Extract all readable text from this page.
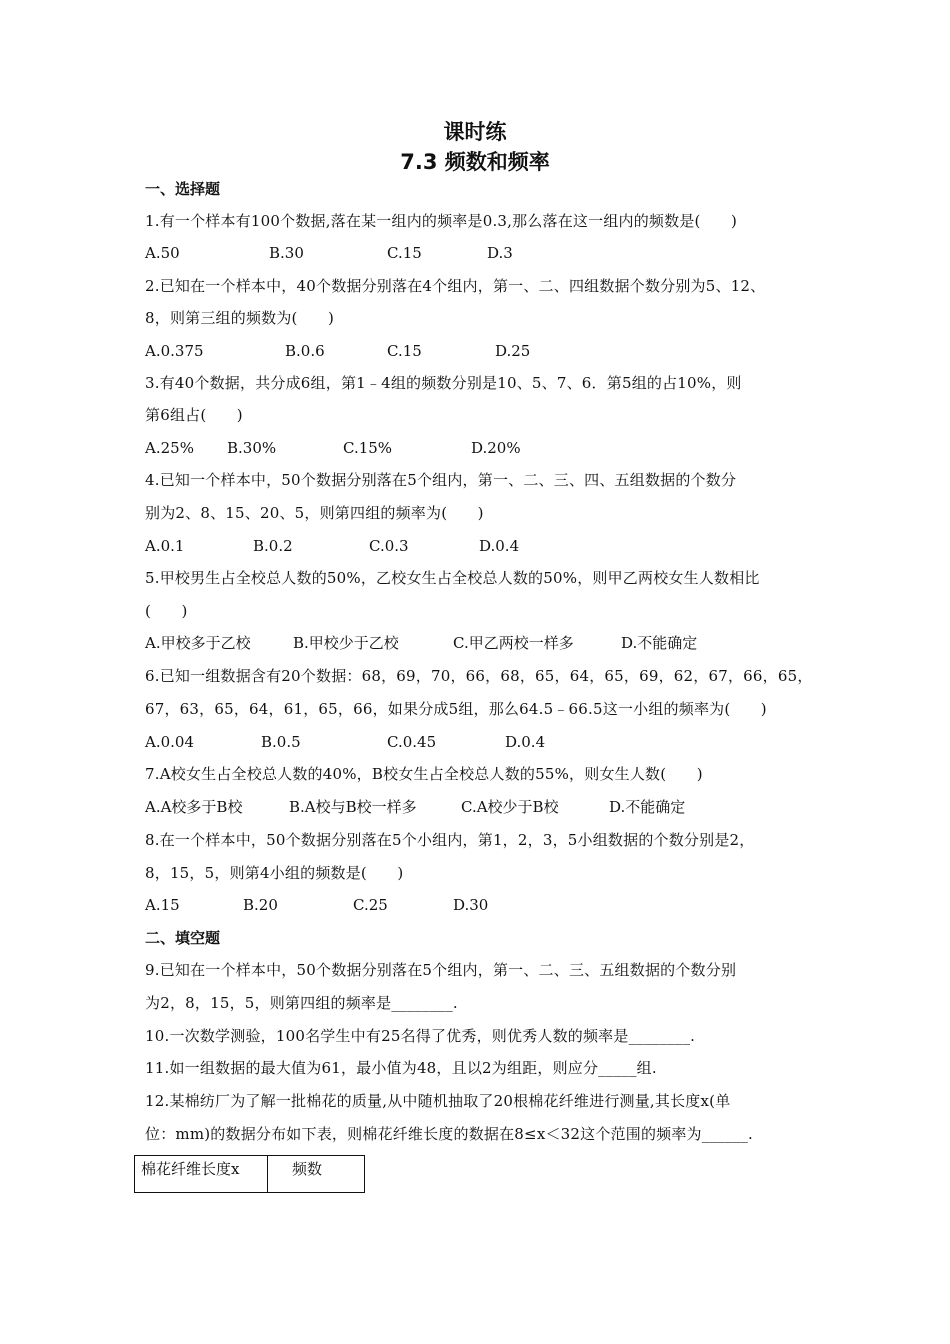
课时练
7.3 频数和频率
一、选择题
1.有一个样本有100个数据,落在某一组内的频率是0.3,那么落在这一组内的频数是(　　)
A.50	B.30	C.15	D.3
2.已知在一个样本中，40个数据分别落在4个组内，第一、二、四组数据个数分别为5、12、
8，则第三组的频数为(　　)
A.0.375	B.0.6	C.15	D.25
3.有40个数据，共分成6组，第1﹣4组的频数分别是10、5、7、6．第5组的占10%，则
第6组占(　　)
A.25% B.30%	C.15%	D.20%
4.已知一个样本中，50个数据分别落在5个组内，第一、二、三、四、五组数据的个数分
别为2、8、15、20、5，则第四组的频率为(　　)
A.0.1	B.0.2	C.0.3	D.0.4
5.甲校男生占全校总人数的50%，乙校女生占全校总人数的50%，则甲乙两校女生人数相比
(　　)
A.甲校多于乙校	B.甲校少于乙校	C.甲乙两校一样多	D.不能确定
6.已知一组数据含有20个数据：68，69，70，66，68，65，64，65，69，62，67，66，65，
67，63，65，64，61，65，66，如果分成5组，那么64.5﹣66.5这一小组的频率为(　　)
A.0.04	B.0.5	C.0.45	D.0.4
7.A校女生占全校总人数的40%，B校女生占全校总人数的55%，则女生人数(　　)
A.A校多于B校	B.A校与B校一样多	C.A校少于B校	D.不能确定
8.在一个样本中，50个数据分别落在5个小组内，第1，2，3，5小组数据的个数分别是2，
8，15，5，则第4小组的频数是(　　)
A.15	B.20	C.25	D.30
二、填空题
9.已知在一个样本中，50个数据分别落在5个组内，第一、二、三、五组数据的个数分别
为2，8，15，5，则第四组的频率是________.
10.一次数学测验，100名学生中有25名得了优秀，则优秀人数的频率是________.
11.如一组数据的最大值为61，最小值为48，且以2为组距，则应分_____组.
12.某棉纺厂为了解一批棉花的质量,从中随机抽取了20根棉花纤维进行测量,其长度x(单
位：mm)的数据分布如下表，则棉花纤维长度的数据在8≤x＜32这个范围的频率为______.
棉花纤维长度x	频数
